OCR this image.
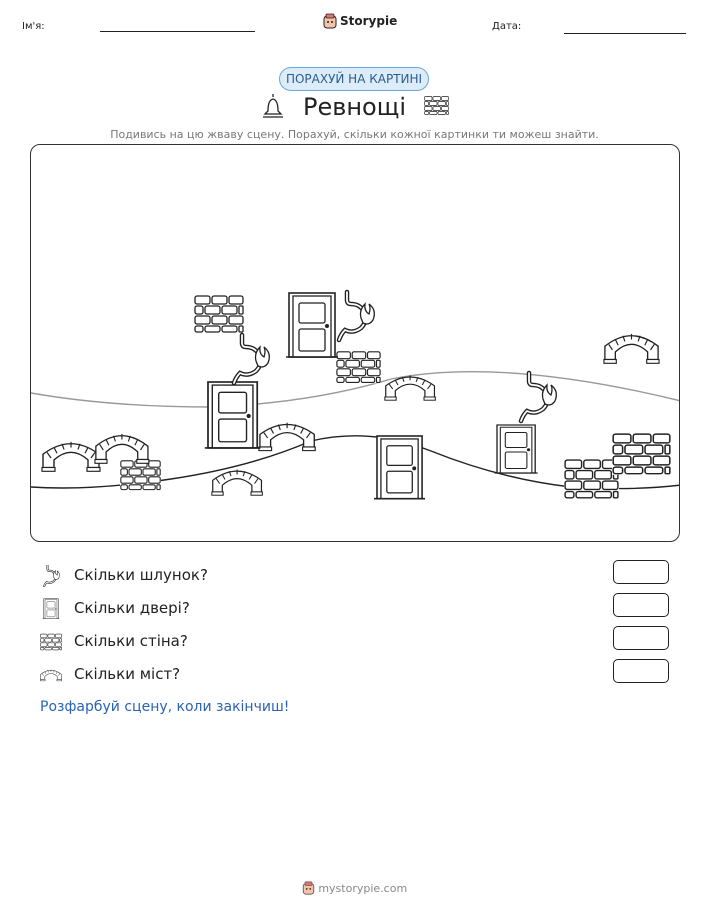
Ім'я:	Storypie	Дата:
ПОРАХУЙ НА КАРТИНІ
Ревнощі
Подивись на цю жваву сцену. Порахуй, скільки кожної картинки ти можеш знайти.
Скільки шлунок?
Скільки двері?
Скільки стіна?
Скільки міст?
Розфарбуй сцену, коли закінчиш!
mystorypie.com
